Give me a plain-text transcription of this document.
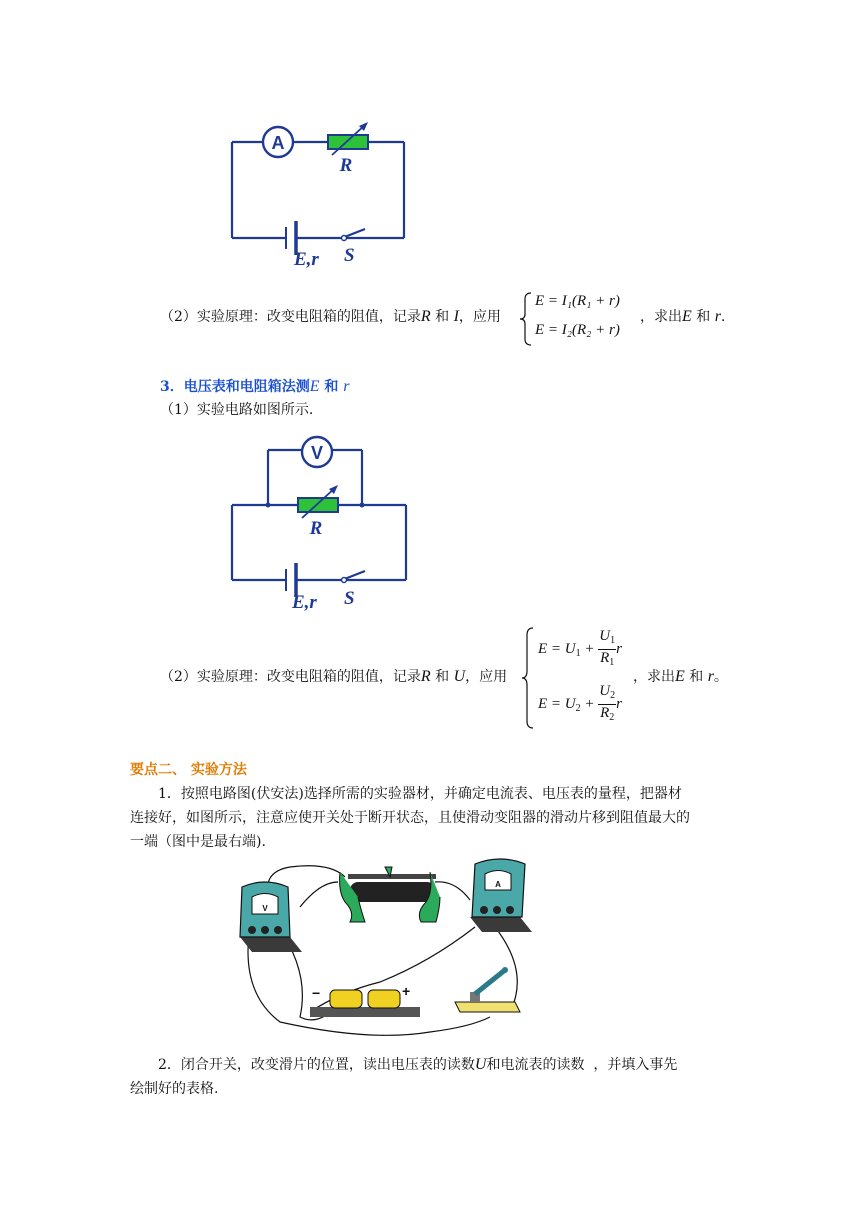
A
R
E,r S
（2）实验原理：改变电阻箱的阻值，记录R 和 I，应用
E = I₁(R₁ + r)
E = I₂(R₂ + r)
，求出E 和 r.
3．电压表和电阻箱法测E 和 r
（1）实验电路如图所示.
V
R
E,r S
（2）实验原理：改变电阻箱的阻值，记录R 和 U，应用
$E = U_1 + \frac{U_1}{R_1}$ r
$E = U_2 + \frac{U_2}{R_2}$ r
，求出E 和 r。
要点二、 实验方法
1．按照电路图(伏安法)选择所需的实验器材，并确定电流表、电压表的量程，把器材
连接好，如图所示，注意应使开关处于断开状态，且使滑动变阻器的滑动片移到阻值最大的
一端（图中是最右端).
V
A
−	+
2．闭合开关，改变滑片的位置，读出电压表的读数U和电流表的读数 ，并填入事先
绘制好的表格.
